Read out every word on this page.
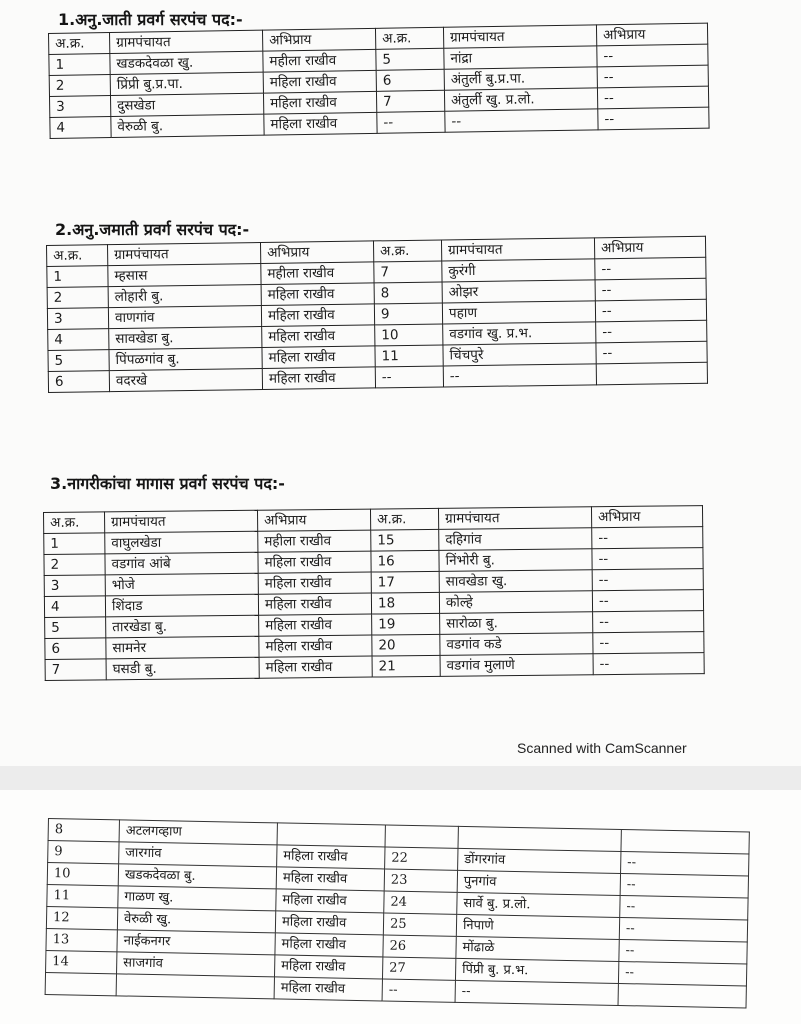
1.अनु.जाती प्रवर्ग सरपंच पद:-
अ.क्र.	ग्रामपंचायत	अभिप्राय	अ.क्र.	ग्रामपंचायत	अभिप्राय
1	खडकदेवळा खु.	महीला राखीव	5	नांद्रा	--
2	प्रिंप्री बु.प्र.पा.	महिला राखीव	6	अंतुर्ली बु.प्र.पा.	--
3	दुसखेडा	महिला राखीव	7	अंतुर्ली खु. प्र.लो.	--
4	वेरुळी बु.	महिला राखीव	--	--	--
2.अनु.जमाती प्रवर्ग सरपंच पद:-
अ.क्र.	ग्रामपंचायत	अभिप्राय	अ.क्र.	ग्रामपंचायत	अभिप्राय
1	म्हसास	महीला राखीव	7	कुरंगी	--
2	लोहारी बु.	महिला राखीव	8	ओझर	--
3	वाणगांव	महिला राखीव	9	पहाण	--
4	सावखेडा बु.	महिला राखीव	10	वडगांव खु. प्र.भ.	--
5	पिंपळगांव बु.	महिला राखीव	11	चिंचपुरे	--
6	वदरखे	महिला राखीव	--	--	
3.नागरीकांचा मागास प्रवर्ग सरपंच पद:-
अ.क्र.	ग्रामपंचायत	अभिप्राय	अ.क्र.	ग्रामपंचायत	अभिप्राय
1	वाघुलखेडा	महीला राखीव	15	दहिगांव	--
2	वडगांव आंबे	महिला राखीव	16	निंभोरी बु.	--
3	भोजे	महिला राखीव	17	सावखेडा खु.	--
4	शिंदाड	महिला राखीव	18	कोल्हे	--
5	तारखेडा बु.	महिला राखीव	19	सारोळा बु.	--
6	सामनेर	महिला राखीव	20	वडगांव कडे	--
7	घसडी बु.	महिला राखीव	21	वडगांव मुलाणे	--
Scanned with CamScanner
8	अटलगव्हाण				
9	जारगांव	महिला राखीव	22	डोंगरगांव	--
10	खडकदेवळा बु.	महिला राखीव	23	पुनगांव	--
11	गाळण खु.	महिला राखीव	24	सार्वे बु. प्र.लो.	--
12	वेरुळी खु.	महिला राखीव	25	निपाणे	--
13	नाईकनगर	महिला राखीव	26	मोंढाळे	--
14	साजगांव	महिला राखीव	27	पिंप्री बु. प्र.भ.	--
		महिला राखीव	--	--	
